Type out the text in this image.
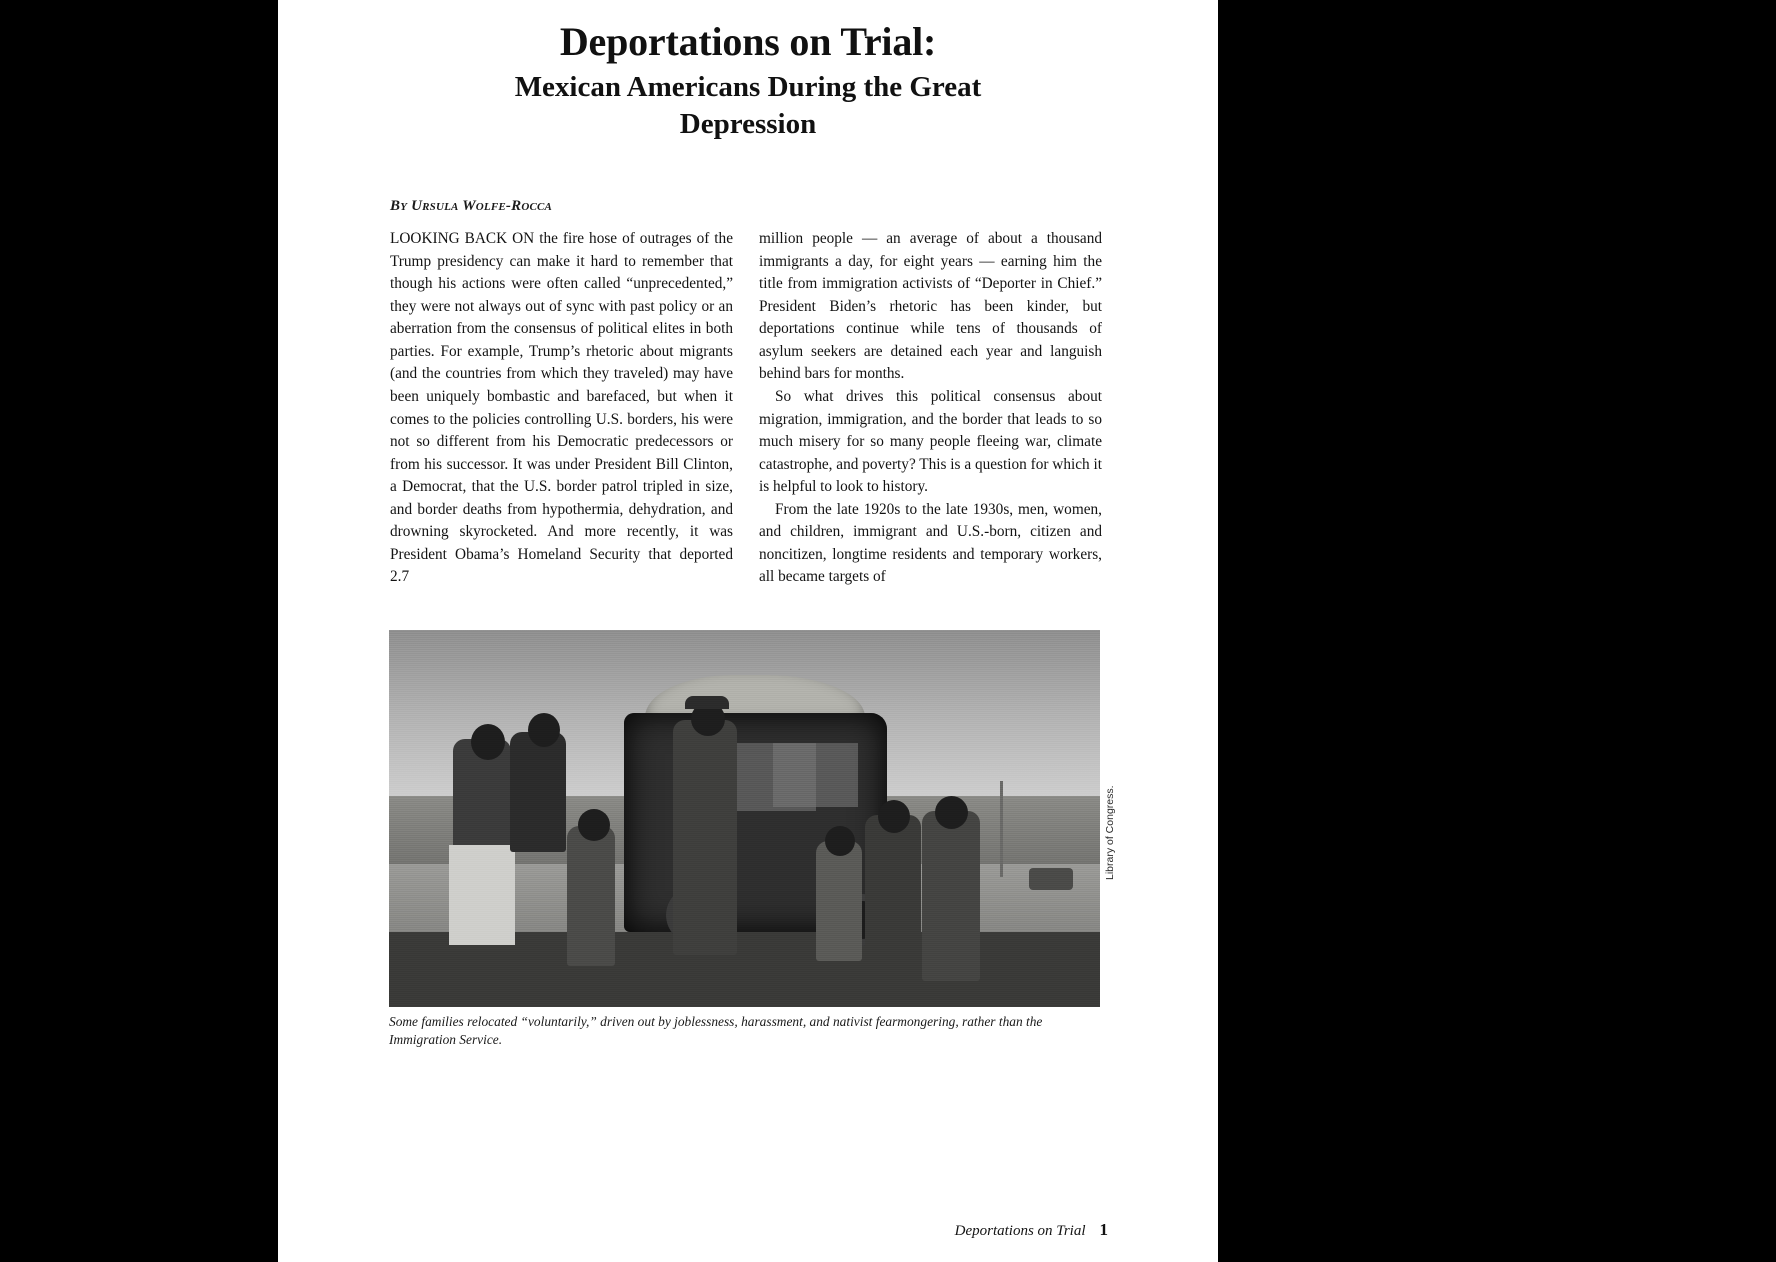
Deportations on Trial:
Mexican Americans During the Great Depression
By Ursula Wolfe-Rocca

LOOKING BACK ON the fire hose of outrages of the Trump presidency can make it hard to remember that though his actions were often called “unprecedented,” they were not always out of sync with past policy or an aberration from the consensus of political elites in both parties. For example, Trump’s rhetoric about migrants (and the countries from which they traveled) may have been uniquely bombastic and barefaced, but when it comes to the policies controlling U.S. borders, his were not so different from his Democratic predecessors or from his successor. It was under President Bill Clinton, a Democrat, that the U.S. border patrol tripled in size, and border deaths from hypothermia, dehydration, and drowning skyrocketed. And more recently, it was President Obama’s Homeland Security that deported 2.7

million people — an average of about a thousand immigrants a day, for eight years — earning him the title from immigration activists of “Deporter in Chief.” President Biden’s rhetoric has been kinder, but deportations continue while tens of thousands of asylum seekers are detained each year and languish behind bars for months.

So what drives this political consensus about migration, immigration, and the border that leads to so much misery for so many people fleeing war, climate catastrophe, and poverty? This is a question for which it is helpful to look to history.

From the late 1920s to the late 1930s, men, women, and children, immigrant and U.S.-born, citizen and noncitizen, longtime residents and temporary workers, all became targets of

Library of Congress.
Some families relocated “voluntarily,” driven out by joblessness, harassment, and nativist fearmongering, rather than the Immigration Service.
Deportations on Trial 1
